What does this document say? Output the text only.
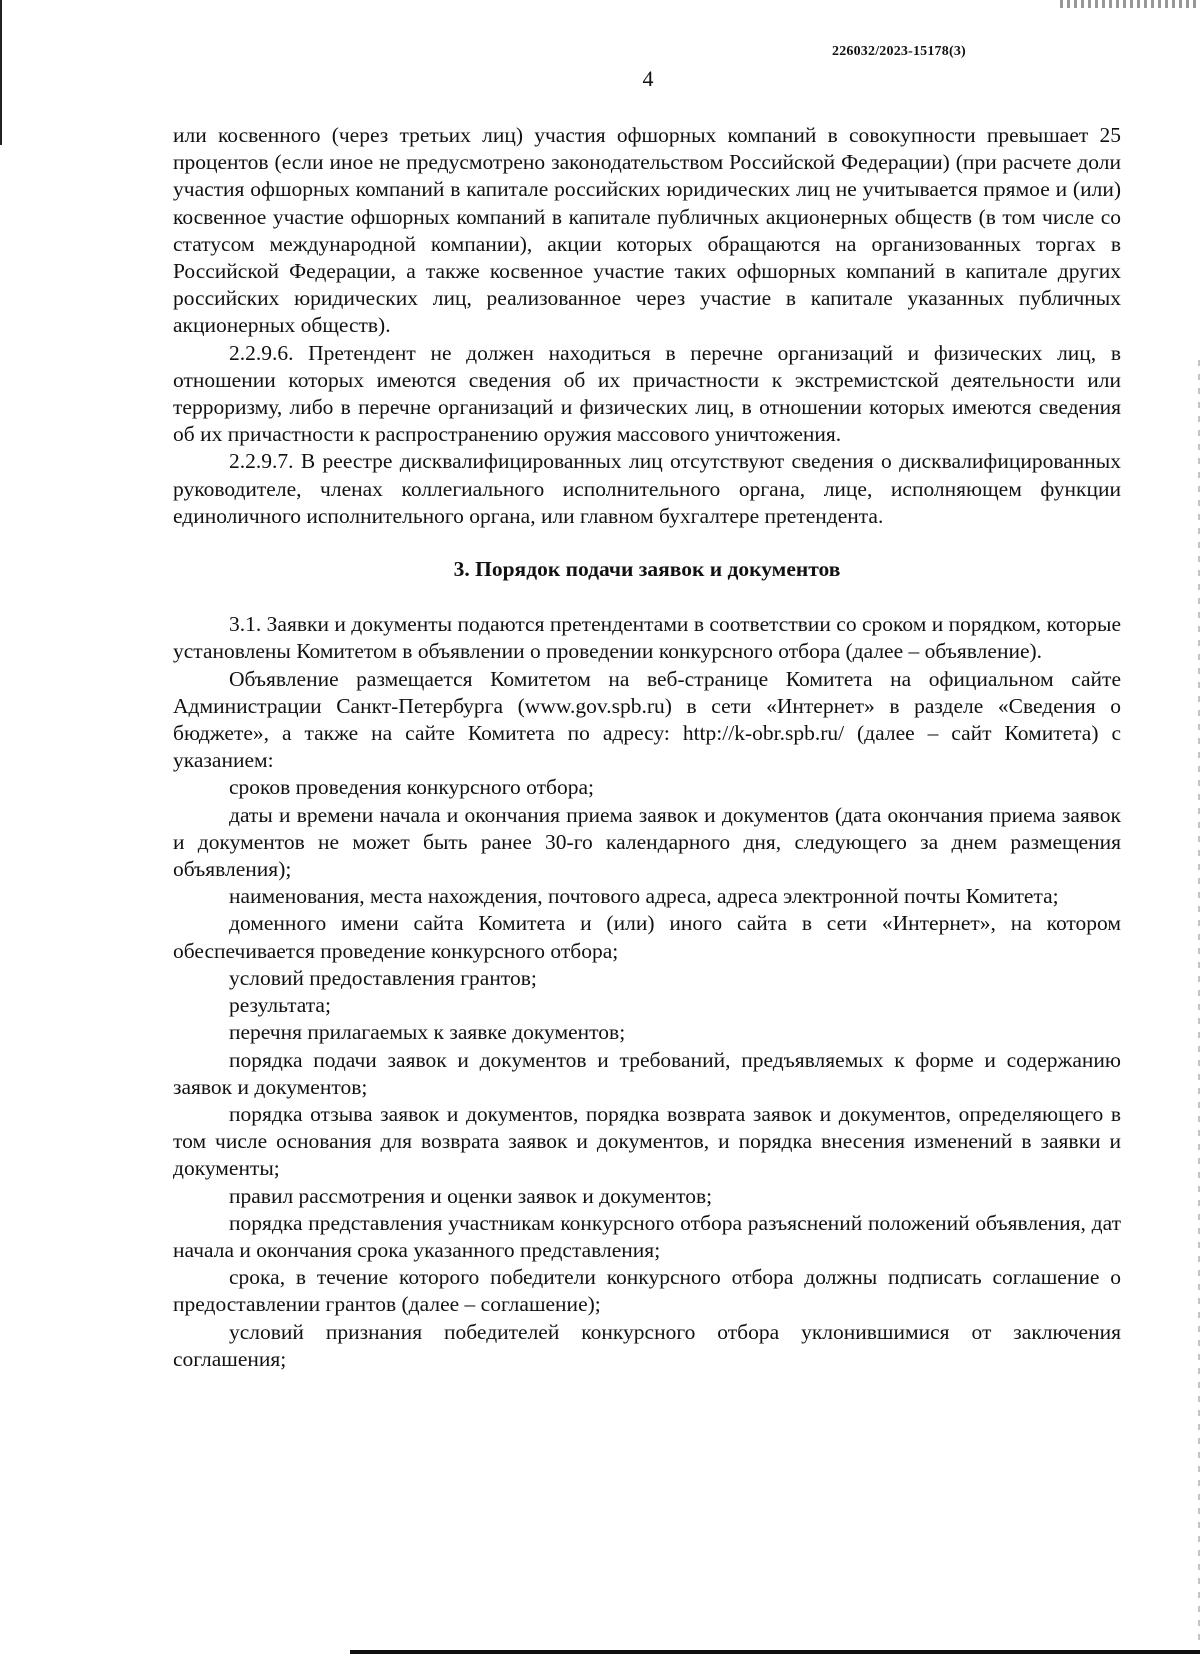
226032/2023-15178(3)
4

или косвенного (через третьих лиц) участия офшорных компаний в совокупности превышает 25 процентов (если иное не предусмотрено законодательством Российской Федерации) (при расчете доли участия офшорных компаний в капитале российских юридических лиц не учитывается прямое и (или) косвенное участие офшорных компаний в капитале публичных акционерных обществ (в том числе со статусом международной компании), акции которых обращаются на организованных торгах в Российской Федерации, а также косвенное участие таких офшорных компаний в капитале других российских юридических лиц, реализованное через участие в капитале указанных публичных акционерных обществ).

2.2.9.6. Претендент не должен находиться в перечне организаций и физических лиц, в отношении которых имеются сведения об их причастности к экстремистской деятельности или терроризму, либо в перечне организаций и физических лиц, в отношении которых имеются сведения об их причастности к распространению оружия массового уничтожения.

2.2.9.7. В реестре дисквалифицированных лиц отсутствуют сведения о дисквалифицированных руководителе, членах коллегиального исполнительного органа, лице, исполняющем функции единоличного исполнительного органа, или главном бухгалтере претендента.

3. Порядок подачи заявок и документов

3.1. Заявки и документы подаются претендентами в соответствии со сроком и порядком, которые установлены Комитетом в объявлении о проведении конкурсного отбора (далее – объявление).

Объявление размещается Комитетом на веб-странице Комитета на официальном сайте Администрации Санкт-Петербурга (www.gov.spb.ru) в сети «Интернет» в разделе «Сведения о бюджете», а также на сайте Комитета по адресу: http://k-obr.spb.ru/ (далее – сайт Комитета) с указанием:

сроков проведения конкурсного отбора;

даты и времени начала и окончания приема заявок и документов (дата окончания приема заявок и документов не может быть ранее 30-го календарного дня, следующего за днем размещения объявления);

наименования, места нахождения, почтового адреса, адреса электронной почты Комитета;

доменного имени сайта Комитета и (или) иного сайта в сети «Интернет», на котором обеспечивается проведение конкурсного отбора;

условий предоставления грантов;

результата;

перечня прилагаемых к заявке документов;

порядка подачи заявок и документов и требований, предъявляемых к форме и содержанию заявок и документов;

порядка отзыва заявок и документов, порядка возврата заявок и документов, определяющего в том числе основания для возврата заявок и документов, и порядка внесения изменений в заявки и документы;

правил рассмотрения и оценки заявок и документов;

порядка представления участникам конкурсного отбора разъяснений положений объявления, дат начала и окончания срока указанного представления;

срока, в течение которого победители конкурсного отбора должны подписать соглашение о предоставлении грантов (далее – соглашение);

условий признания победителей конкурсного отбора уклонившимися от заключения соглашения;
